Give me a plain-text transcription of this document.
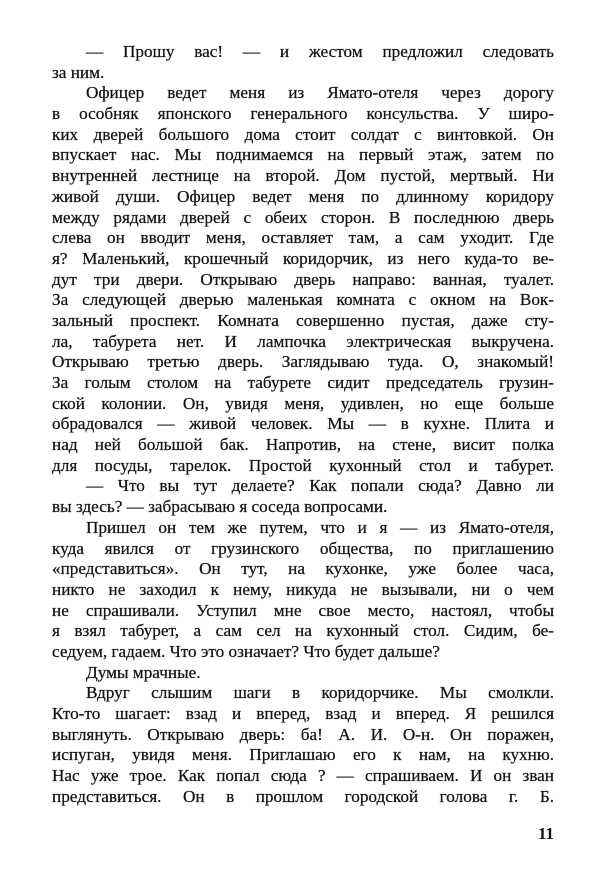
— Прошу вас! — и жестом предложил следовать
за ним.
Офицер ведет меня из Ямато-отеля через дорогу
в особняк японского генерального консульства. У широ-
ких дверей большого дома стоит солдат с винтовкой. Он
впускает нас. Мы поднимаемся на первый этаж, затем по
внутренней лестнице на второй. Дом пустой, мертвый. Ни
живой души. Офицер ведет меня по длинному коридору
между рядами дверей с обеих сторон. В последнюю дверь
слева он вводит меня, оставляет там, а сам уходит. Где
я? Маленький, крошечный коридорчик, из него куда-то ве-
дут три двери. Открываю дверь направо: ванная, туалет.
За следующей дверью маленькая комната с окном на Вок-
зальный проспект. Комната совершенно пустая, даже сту-
ла, табурета нет. И лампочка электрическая выкручена.
Открываю третью дверь. Заглядываю туда. О, знакомый!
За голым столом на табурете сидит председатель грузин-
ской колонии. Он, увидя меня, удивлен, но еще больше
обрадовался — живой человек. Мы — в кухне. Плита и
над ней большой бак. Напротив, на стене, висит полка
для посуды, тарелок. Простой кухонный стол и табурет.
— Что вы тут делаете? Как попали сюда? Давно ли
вы здесь? — забрасываю я соседа вопросами.
Пришел он тем же путем, что и я — из Ямато-отеля,
куда явился от грузинского общества, по приглашению
«представиться». Он тут, на кухонке, уже более часа,
никто не заходил к нему, никуда не вызывали, ни о чем
не спрашивали. Уступил мне свое место, настоял, чтобы
я взял табурет, а сам сел на кухонный стол. Сидим, бе-
седуем, гадаем. Что это означает? Что будет дальше?
Думы мрачные.
Вдруг слышим шаги в коридорчике. Мы смолкли.
Кто-то шагает: взад и вперед, взад и вперед. Я решился
выглянуть. Открываю дверь: ба! А. И. О-н. Он поражен,
испуган, увидя меня. Приглашаю его к нам, на кухню.
Нас уже трое. Как попал сюда ? — спрашиваем. И он зван
представиться. Он в прошлом городской голова г. Б.
11
